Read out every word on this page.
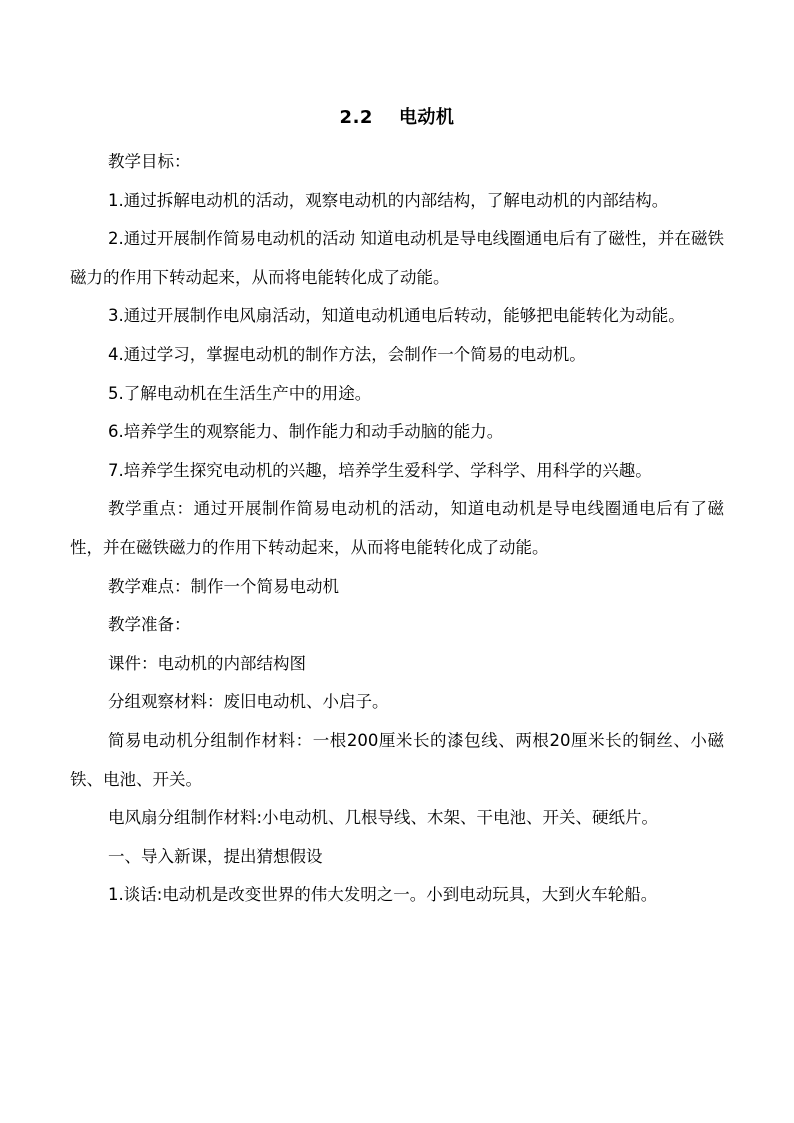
2.2 电动机

教学目标：

1.通过拆解电动机的活动，观察电动机的内部结构，了解电动机的内部结构。

2.通过开展制作简易电动机的活动 知道电动机是导电线圈通电后有了磁性，并在磁铁磁力的作用下转动起来，从而将电能转化成了动能。

3.通过开展制作电风扇活动，知道电动机通电后转动，能够把电能转化为动能。

4.通过学习，掌握电动机的制作方法，会制作一个简易的电动机。

5.了解电动机在生活生产中的用途。

6.培养学生的观察能力、制作能力和动手动脑的能力。

7.培养学生探究电动机的兴趣，培养学生爱科学、学科学、用科学的兴趣。

教学重点：通过开展制作简易电动机的活动，知道电动机是导电线圈通电后有了磁性，并在磁铁磁力的作用下转动起来，从而将电能转化成了动能。

教学难点：制作一个简易电动机

教学准备：

课件：电动机的内部结构图

分组观察材料：废旧电动机、小启子。

简易电动机分组制作材料：一根200厘米长的漆包线、两根20厘米长的铜丝、小磁铁、电池、开关。

电风扇分组制作材料:小电动机、几根导线、木架、干电池、开关、硬纸片。

一、导入新课，提出猜想假设

1.谈话:电动机是改变世界的伟大发明之一。小到电动玩具，大到火车轮船。
